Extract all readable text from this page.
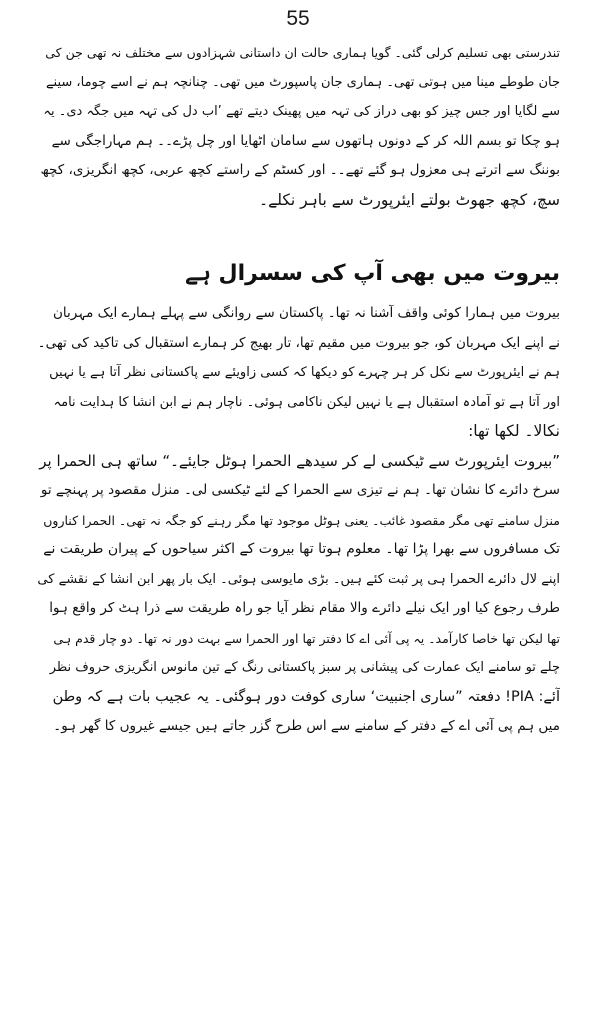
55

تندرستی بھی تسلیم کرلی گئی۔ گویا ہماری حالت ان داستانی شہزادوں سے مختلف نہ تھی جن کی

جان طوطے مینا میں ہوتی تھی۔ ہماری جان پاسپورٹ میں تھی۔ چنانچہ ہم نے اسے چوما، سینے

سے لگایا اور جس چیز کو بھی دراز کی تہہ میں پھینک دیتے تھے ’اب دل کی تہہ میں جگہ دی۔ یہ

ہو چکا تو بسم اللہ کر کے دونوں ہاتھوں سے سامان اٹھایا اور چل پڑے۔۔ ہم مہاراجگی سے

بوننگ سے اترتے ہی معزول ہو گئے تھے۔۔ اور کسٹم کے راستے کچھ عربی، کچھ انگریزی، کچھ

سچ، کچھ جھوٹ بولتے ایئرپورٹ سے باہر نکلے۔

بیروت میں بھی آپ کی سسرال ہے

بیروت میں ہمارا کوئی واقف آشنا نہ تھا۔ پاکستان سے روانگی سے پہلے ہمارے ایک مہربان

نے اپنے ایک مہربان کو، جو بیروت میں مقیم تھا، تار بھیج کر ہمارے استقبال کی تاکید کی تھی۔

ہم نے ایئرپورٹ سے نکل کر ہر چہرے کو دیکھا کہ کسی زاویئے سے پاکستانی نظر آتا ہے یا نہیں

اور آتا ہے تو آمادہ استقبال ہے یا نہیں لیکن ناکامی ہوئی۔ ناچار ہم نے ابن انشا کا ہدایت نامہ

نکالا۔ لکھا تھا:

”بیروت ایئرپورٹ سے ٹیکسی لے کر سیدھے الحمرا ہوٹل جایئے۔“ ساتھ ہی الحمرا پر

سرخ دائرے کا نشان تھا۔ ہم نے تیزی سے الحمرا کے لئے ٹیکسی لی۔ منزل مقصود پر پہنچے تو

منزل سامنے تھی مگر مقصود غائب۔ یعنی ہوٹل موجود تھا مگر رہنے کو جگہ نہ تھی۔ الحمرا کناروں

تک مسافروں سے بھرا پڑا تھا۔ معلوم ہوتا تھا بیروت کے اکثر سیاحوں کے پیران طریقت نے

اپنے لال دائرے الحمرا ہی پر ثبت کئے ہیں۔ بڑی مایوسی ہوئی۔ ایک بار پھر ابن انشا کے نقشے کی

طرف رجوع کیا اور ایک نیلے دائرے والا مقام نظر آیا جو راہ طریقت سے ذرا ہٹ کر واقع ہوا

تھا لیکن تھا خاصا کارآمد۔ یہ پی آئی اے کا دفتر تھا اور الحمرا سے بہت دور نہ تھا۔ دو چار قدم ہی

چلے تو سامنے ایک عمارت کی پیشانی پر سبز پاکستانی رنگ کے تین مانوس انگریزی حروف نظر

آئے: PIA! دفعتہ ”ساری اجنبیت‘ ساری کوفت دور ہوگئی۔ یہ عجیب بات ہے کہ وطن

میں ہم پی آئی اے کے دفتر کے سامنے سے اس طرح گزر جاتے ہیں جیسے غیروں کا گھر ہو۔
